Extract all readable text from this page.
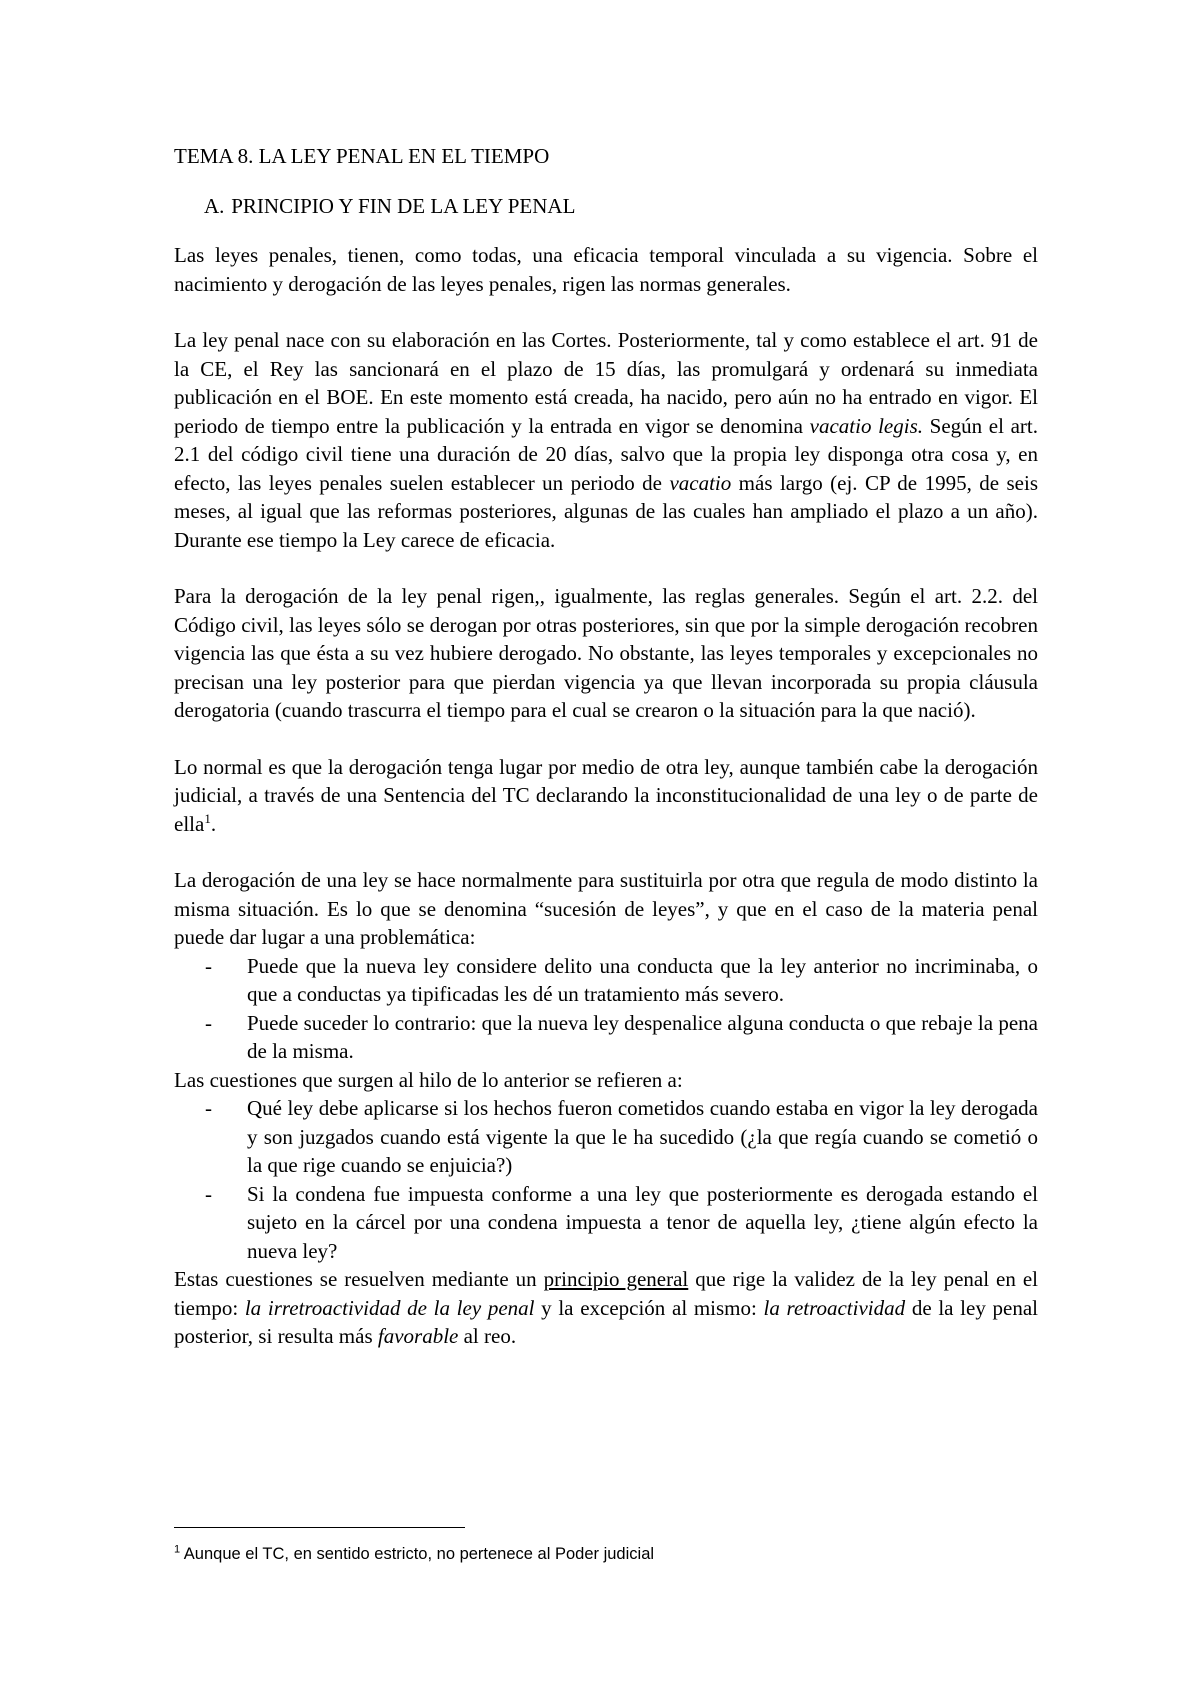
TEMA 8. LA LEY PENAL EN EL TIEMPO
A. PRINCIPIO Y FIN DE LA LEY PENAL

Las leyes penales, tienen, como todas, una eficacia temporal vinculada a su vigencia. Sobre el nacimiento y derogación de las leyes penales, rigen las normas generales.

La ley penal nace con su elaboración en las Cortes. Posteriormente, tal y como establece el art. 91 de la CE, el Rey las sancionará en el plazo de 15 días, las promulgará y ordenará su inmediata publicación en el BOE. En este momento está creada, ha nacido, pero aún no ha entrado en vigor. El periodo de tiempo entre la publicación y la entrada en vigor se denomina vacatio legis. Según el art. 2.1 del código civil tiene una duración de 20 días, salvo que la propia ley disponga otra cosa y, en efecto, las leyes penales suelen establecer un periodo de vacatio más largo (ej. CP de 1995, de seis meses, al igual que las reformas posteriores, algunas de las cuales han ampliado el plazo a un año). Durante ese tiempo la Ley carece de eficacia.

Para la derogación de la ley penal rigen,, igualmente, las reglas generales. Según el art. 2.2. del Código civil, las leyes sólo se derogan por otras posteriores, sin que por la simple derogación recobren vigencia las que ésta a su vez hubiere derogado. No obstante, las leyes temporales y excepcionales no precisan una ley posterior para que pierdan vigencia ya que llevan incorporada su propia cláusula derogatoria (cuando trascurra el tiempo para el cual se crearon o la situación para la que nació).

Lo normal es que la derogación tenga lugar por medio de otra ley, aunque también cabe la derogación judicial, a través de una Sentencia del TC declarando la inconstitucionalidad de una ley o de parte de ella$^1$.

La derogación de una ley se hace normalmente para sustituirla por otra que regula de modo distinto la misma situación. Es lo que se denomina “sucesión de leyes”, y que en el caso de la materia penal puede dar lugar a una problemática:

- Puede que la nueva ley considere delito una conducta que la ley anterior no incriminaba, o que a conductas ya tipificadas les dé un tratamiento más severo.
- Puede suceder lo contrario: que la nueva ley despenalice alguna conducta o que rebaje la pena de la misma.

Las cuestiones que surgen al hilo de lo anterior se refieren a:

- Qué ley debe aplicarse si los hechos fueron cometidos cuando estaba en vigor la ley derogada y son juzgados cuando está vigente la que le ha sucedido (¿la que regía cuando se cometió o la que rige cuando se enjuicia?)
- Si la condena fue impuesta conforme a una ley que posteriormente es derogada estando el sujeto en la cárcel por una condena impuesta a tenor de aquella ley, ¿tiene algún efecto la nueva ley?

Estas cuestiones se resuelven mediante un principio general que rige la validez de la ley penal en el tiempo: la irretroactividad de la ley penal y la excepción al mismo: la retroactividad de la ley penal posterior, si resulta más favorable al reo.

$^1$ Aunque el TC, en sentido estricto, no pertenece al Poder judicial
